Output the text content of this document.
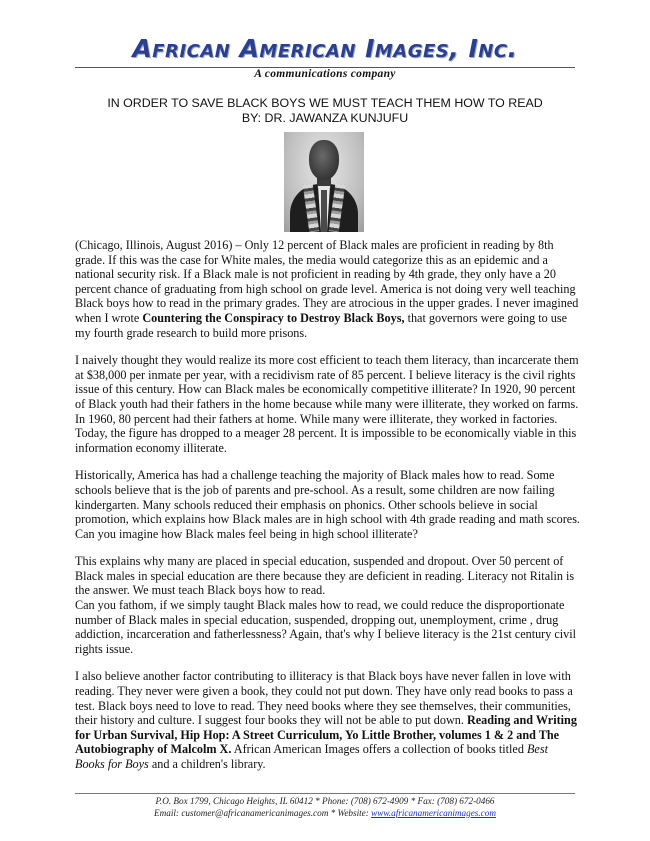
African American Images, Inc.
A communications company
IN ORDER TO SAVE BLACK BOYS WE MUST TEACH THEM HOW TO READ
BY: DR. JAWANZA KUNJUFU

(Chicago, Illinois, August 2016) – Only 12 percent of Black males are proficient in reading by 8th grade. If this was the case for White males, the media would categorize this as an epidemic and a national security risk. If a Black male is not proficient in reading by 4th grade, they only have a 20 percent chance of graduating from high school on grade level. America is not doing very well teaching Black boys how to read in the primary grades. They are atrocious in the upper grades. I never imagined when I wrote Countering the Conspiracy to Destroy Black Boys, that governors were going to use my fourth grade research to build more prisons.

I naively thought they would realize its more cost efficient to teach them literacy, than incarcerate them at $38,000 per inmate per year, with a recidivism rate of 85 percent. I believe literacy is the civil rights issue of this century. How can Black males be economically competitive illiterate? In 1920, 90 percent of Black youth had their fathers in the home because while many were illiterate, they worked on farms. In 1960, 80 percent had their fathers at home. While many were illiterate, they worked in factories. Today, the figure has dropped to a meager 28 percent. It is impossible to be economically viable in this information economy illiterate.

Historically, America has had a challenge teaching the majority of Black males how to read. Some schools believe that is the job of parents and pre-school. As a result, some children are now failing kindergarten. Many schools reduced their emphasis on phonics. Other schools believe in social promotion, which explains how Black males are in high school with 4th grade reading and math scores. Can you imagine how Black males feel being in high school illiterate?

This explains why many are placed in special education, suspended and dropout. Over 50 percent of Black males in special education are there because they are deficient in reading. Literacy not Ritalin is the answer. We must teach Black boys how to read.

Can you fathom, if we simply taught Black males how to read, we could reduce the disproportionate number of Black males in special education, suspended, dropping out, unemployment, crime , drug addiction, incarceration and fatherlessness? Again, that's why I believe literacy is the 21st century civil rights issue.

I also believe another factor contributing to illiteracy is that Black boys have never fallen in love with reading. They never were given a book, they could not put down. They have only read books to pass a test. Black boys need to love to read. They need books where they see themselves, their communities, their history and culture. I suggest four books they will not be able to put down. Reading and Writing for Urban Survival, Hip Hop: A Street Curriculum, Yo Little Brother, volumes 1 & 2 and The Autobiography of Malcolm X. African American Images offers a collection of books titled Best Books for Boys and a children's library.

P.O. Box 1799, Chicago Heights, IL 60412 * Phone: (708) 672-4909 * Fax: (708) 672-0466
Email: customer@africanamericanimages.com * Website: www.africanamericanimages.com
